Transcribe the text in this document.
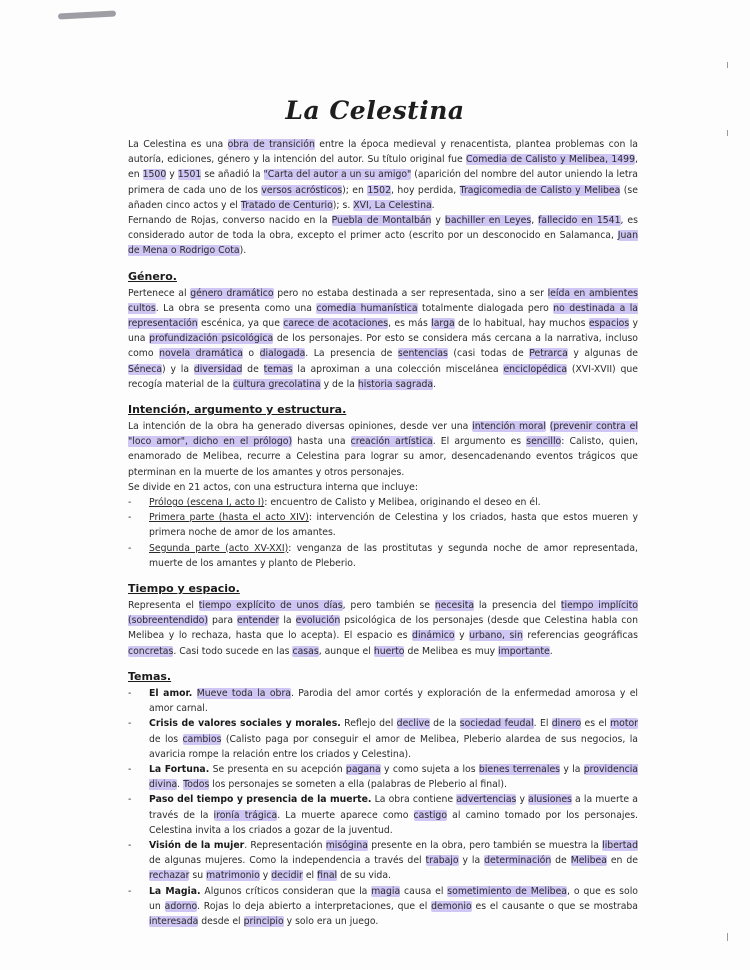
La Celestina

La Celestina es una obra de transición entre la época medieval y renacentista, plantea problemas con la autoría, ediciones, género y la intención del autor. Su título original fue Comedia de Calisto y Melibea, 1499, en 1500 y 1501 se añadió la "Carta del autor a un su amigo" (aparición del nombre del autor uniendo la letra primera de cada uno de los versos acrósticos); en 1502, hoy perdida, Tragicomedia de Calisto y Melibea (se añaden cinco actos y el Tratado de Centurio); s. XVI, La Celestina.

Fernando de Rojas, converso nacido en la Puebla de Montalbán y bachiller en Leyes, fallecido en 1541, es considerado autor de toda la obra, excepto el primer acto (escrito por un desconocido en Salamanca, Juan de Mena o Rodrigo Cota).

Género.

Pertenece al género dramático pero no estaba destinada a ser representada, sino a ser leída en ambientes cultos. La obra se presenta como una comedia humanística totalmente dialogada pero no destinada a la representación escénica, ya que carece de acotaciones, es más larga de lo habitual, hay muchos espacios y una profundización psicológica de los personajes. Por esto se considera más cercana a la narrativa, incluso como novela dramática o dialogada. La presencia de sentencias (casi todas de Petrarca y algunas de Séneca) y la diversidad de temas la aproximan a una colección miscelánea enciclopédica (XVI-XVII) que recogía material de la cultura grecolatina y de la historia sagrada.

Intención, argumento y estructura.

La intención de la obra ha generado diversas opiniones, desde ver una intención moral (prevenir contra el "loco amor", dicho en el prólogo) hasta una creación artística. El argumento es sencillo: Calisto, quien, enamorado de Melibea, recurre a Celestina para lograr su amor, desencadenando eventos trágicos que pterminan en la muerte de los amantes y otros personajes.

Se divide en 21 actos, con una estructura interna que incluye:

- Prólogo (escena I, acto I): encuentro de Calisto y Melibea, originando el deseo en él.
- Primera parte (hasta el acto XIV): intervención de Celestina y los criados, hasta que estos mueren y primera noche de amor de los amantes.
- Segunda parte (acto XV-XXI): venganza de las prostitutas y segunda noche de amor representada, muerte de los amantes y planto de Pleberio.
Tiempo y espacio.

Representa el tiempo explícito de unos días, pero también se necesita la presencia del tiempo implícito (sobreentendido) para entender la evolución psicológica de los personajes (desde que Celestina habla con Melibea y lo rechaza, hasta que lo acepta). El espacio es dinámico y urbano, sin referencias geográficas concretas. Casi todo sucede en las casas, aunque el huerto de Melibea es muy importante.

Temas.
- El amor. Mueve toda la obra. Parodia del amor cortés y exploración de la enfermedad amorosa y el amor carnal.
- Crisis de valores sociales y morales. Reflejo del declive de la sociedad feudal. El dinero es el motor de los cambios (Calisto paga por conseguir el amor de Melibea, Pleberio alardea de sus negocios, la avaricia rompe la relación entre los criados y Celestina).
- La Fortuna. Se presenta en su acepción pagana y como sujeta a los bienes terrenales y la providencia divina. Todos los personajes se someten a ella (palabras de Pleberio al final).
- Paso del tiempo y presencia de la muerte. La obra contiene advertencias y alusiones a la muerte a través de la ironía trágica. La muerte aparece como castigo al camino tomado por los personajes. Celestina invita a los criados a gozar de la juventud.
- Visión de la mujer. Representación misógina presente en la obra, pero también se muestra la libertad de algunas mujeres. Como la independencia a través del trabajo y la determinación de Melibea en de rechazar su matrimonio y decidir el final de su vida.
- La Magia. Algunos críticos consideran que la magia causa el sometimiento de Melibea, o que es solo un adorno. Rojas lo deja abierto a interpretaciones, que el demonio es el causante o que se mostraba interesada desde el principio y solo era un juego.
